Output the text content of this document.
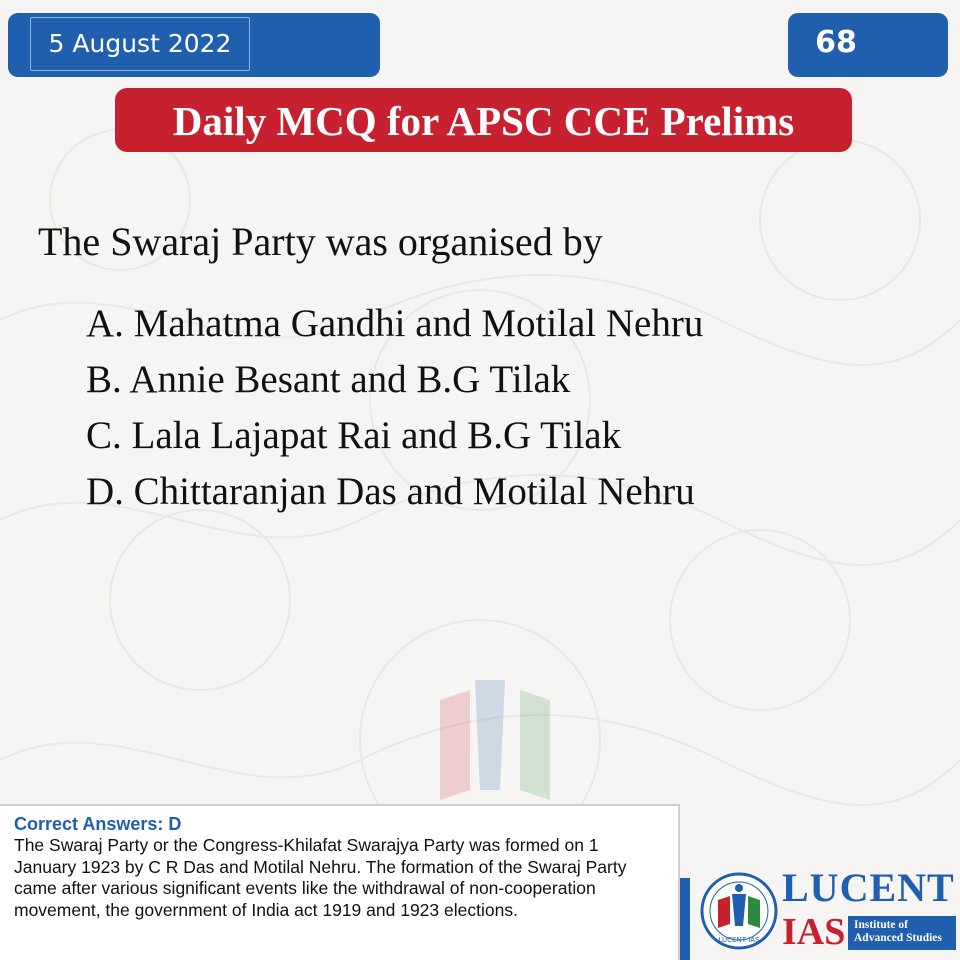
5 August 2022	68
Daily MCQ for APSC CCE Prelims
The Swaraj Party was organised by
A. Mahatma Gandhi and Motilal Nehru
B. Annie Besant and B.G Tilak
C. Lala Lajapat Rai and B.G Tilak
D. Chittaranjan Das and Motilal Nehru
Correct Answers: D
The Swaraj Party or the Congress-Khilafat Swarajya Party was formed on 1 January 1923 by C R Das and Motilal Nehru. The formation of the Swaraj Party came after various significant events like the withdrawal of non-cooperation movement, the government of India act 1919 and 1923 elections.
LUCENT IAS
LUCENT
IAS Institute of
Advanced Studies
